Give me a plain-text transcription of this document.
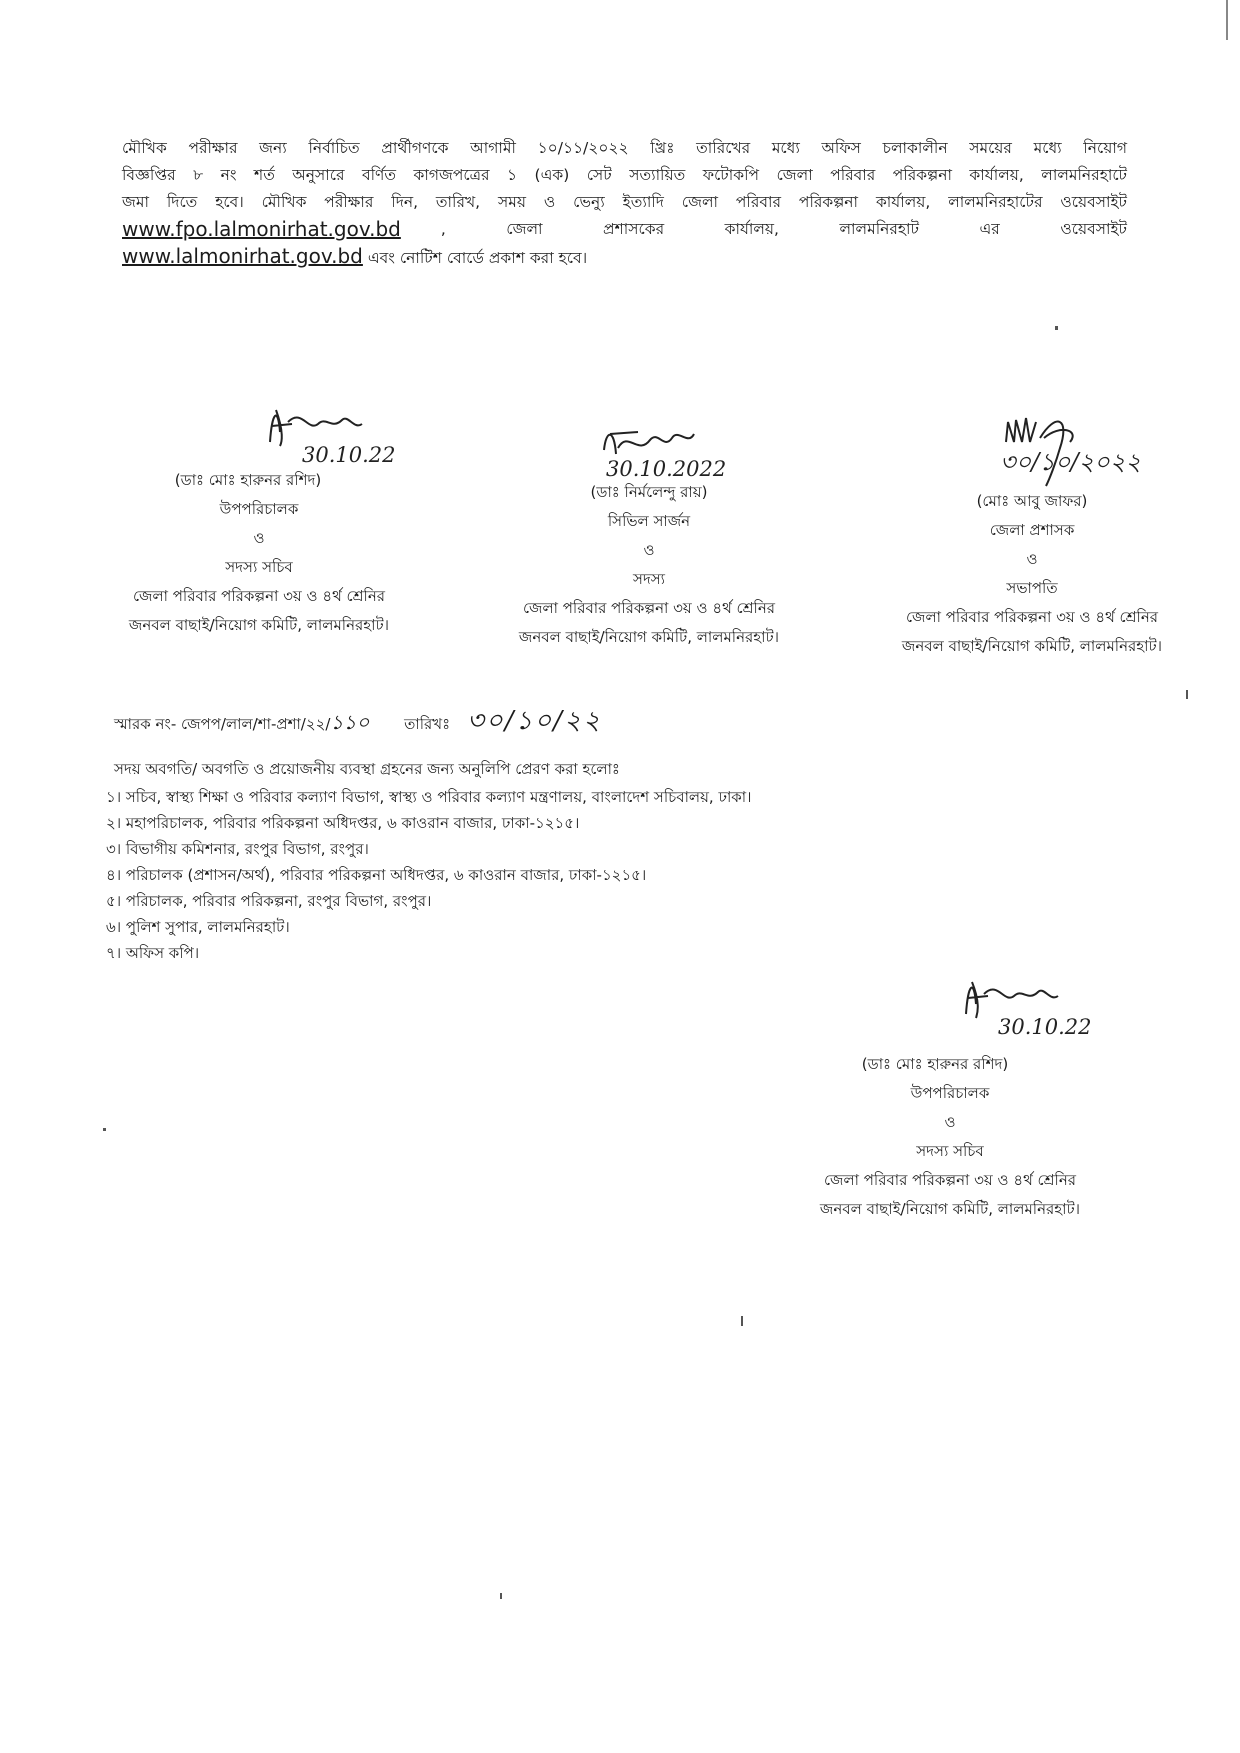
মৌখিক পরীক্ষার জন্য নির্বাচিত প্রার্থীগণকে আগামী ১০/১১/২০২২ খ্রিঃ তারিখের মধ্যে অফিস চলাকালীন সময়ের মধ্যে নিয়োগ
বিজ্ঞপ্তির ৮ নং শর্ত অনুসারে বর্ণিত কাগজপত্রের ১ (এক) সেট সত্যায়িত ফটোকপি জেলা পরিবার পরিকল্পনা কার্যালয়, লালমনিরহাটে
জমা দিতে হবে। মৌখিক পরীক্ষার দিন, তারিখ, সময় ও ভেন্যু ইত্যাদি জেলা পরিবার পরিকল্পনা কার্যালয়, লালমনিরহাটের ওয়েবসাইট
www.fpo.lalmonirhat.gov.bd	, জেলা প্রশাসকের কার্যালয়, লালমনিরহাট এর ওয়েবসাইট
www.lalmonirhat.gov.bd এবং নোটিশ বোর্ডে প্রকাশ করা হবে।
30.10.22
(ডাঃ মোঃ হারুনর রশিদ)
উপপরিচালক
ও
সদস্য সচিব
জেলা পরিবার পরিকল্পনা ৩য় ও ৪র্থ শ্রেনির
জনবল বাছাই/নিয়োগ কমিটি, লালমনিরহাট।
30.10.2022
(ডাঃ নির্মলেন্দু রায়)
সিভিল সার্জন
ও
সদস্য
জেলা পরিবার পরিকল্পনা ৩য় ও ৪র্থ শ্রেনির
জনবল বাছাই/নিয়োগ কমিটি, লালমনিরহাট।
৩০/১০/২০২২
(মোঃ আবু জাফর)
জেলা প্রশাসক
ও
সভাপতি
জেলা পরিবার পরিকল্পনা ৩য় ও ৪র্থ শ্রেনির
জনবল বাছাই/নিয়োগ কমিটি, লালমনিরহাট।
স্মারক নং- জেপপ/লাল/শা-প্রশা/২২/১১০ তারিখঃ ৩০/১০/২২
সদয় অবগতি/ অবগতি ও প্রয়োজনীয় ব্যবস্থা গ্রহনের জন্য অনুলিপি প্রেরণ করা হলোঃ
১। সচিব, স্বাস্থ্য শিক্ষা ও পরিবার কল্যাণ বিভাগ, স্বাস্থ্য ও পরিবার কল্যাণ মন্ত্রণালয়, বাংলাদেশ সচিবালয়, ঢাকা।
২। মহাপরিচালক, পরিবার পরিকল্পনা অধিদপ্তর, ৬ কাওরান বাজার, ঢাকা-১২১৫।
৩। বিভাগীয় কমিশনার, রংপুর বিভাগ, রংপুর।
৪। পরিচালক (প্রশাসন/অর্থ), পরিবার পরিকল্পনা অধিদপ্তর, ৬ কাওরান বাজার, ঢাকা-১২১৫।
৫। পরিচালক, পরিবার পরিকল্পনা, রংপুর বিভাগ, রংপুর।
৬। পুলিশ সুপার, লালমনিরহাট।
৭। অফিস কপি।
30.10.22
(ডাঃ মোঃ হারুনর রশিদ)
উপপরিচালক
ও
সদস্য সচিব
জেলা পরিবার পরিকল্পনা ৩য় ও ৪র্থ শ্রেনির
জনবল বাছাই/নিয়োগ কমিটি, লালমনিরহাট।
